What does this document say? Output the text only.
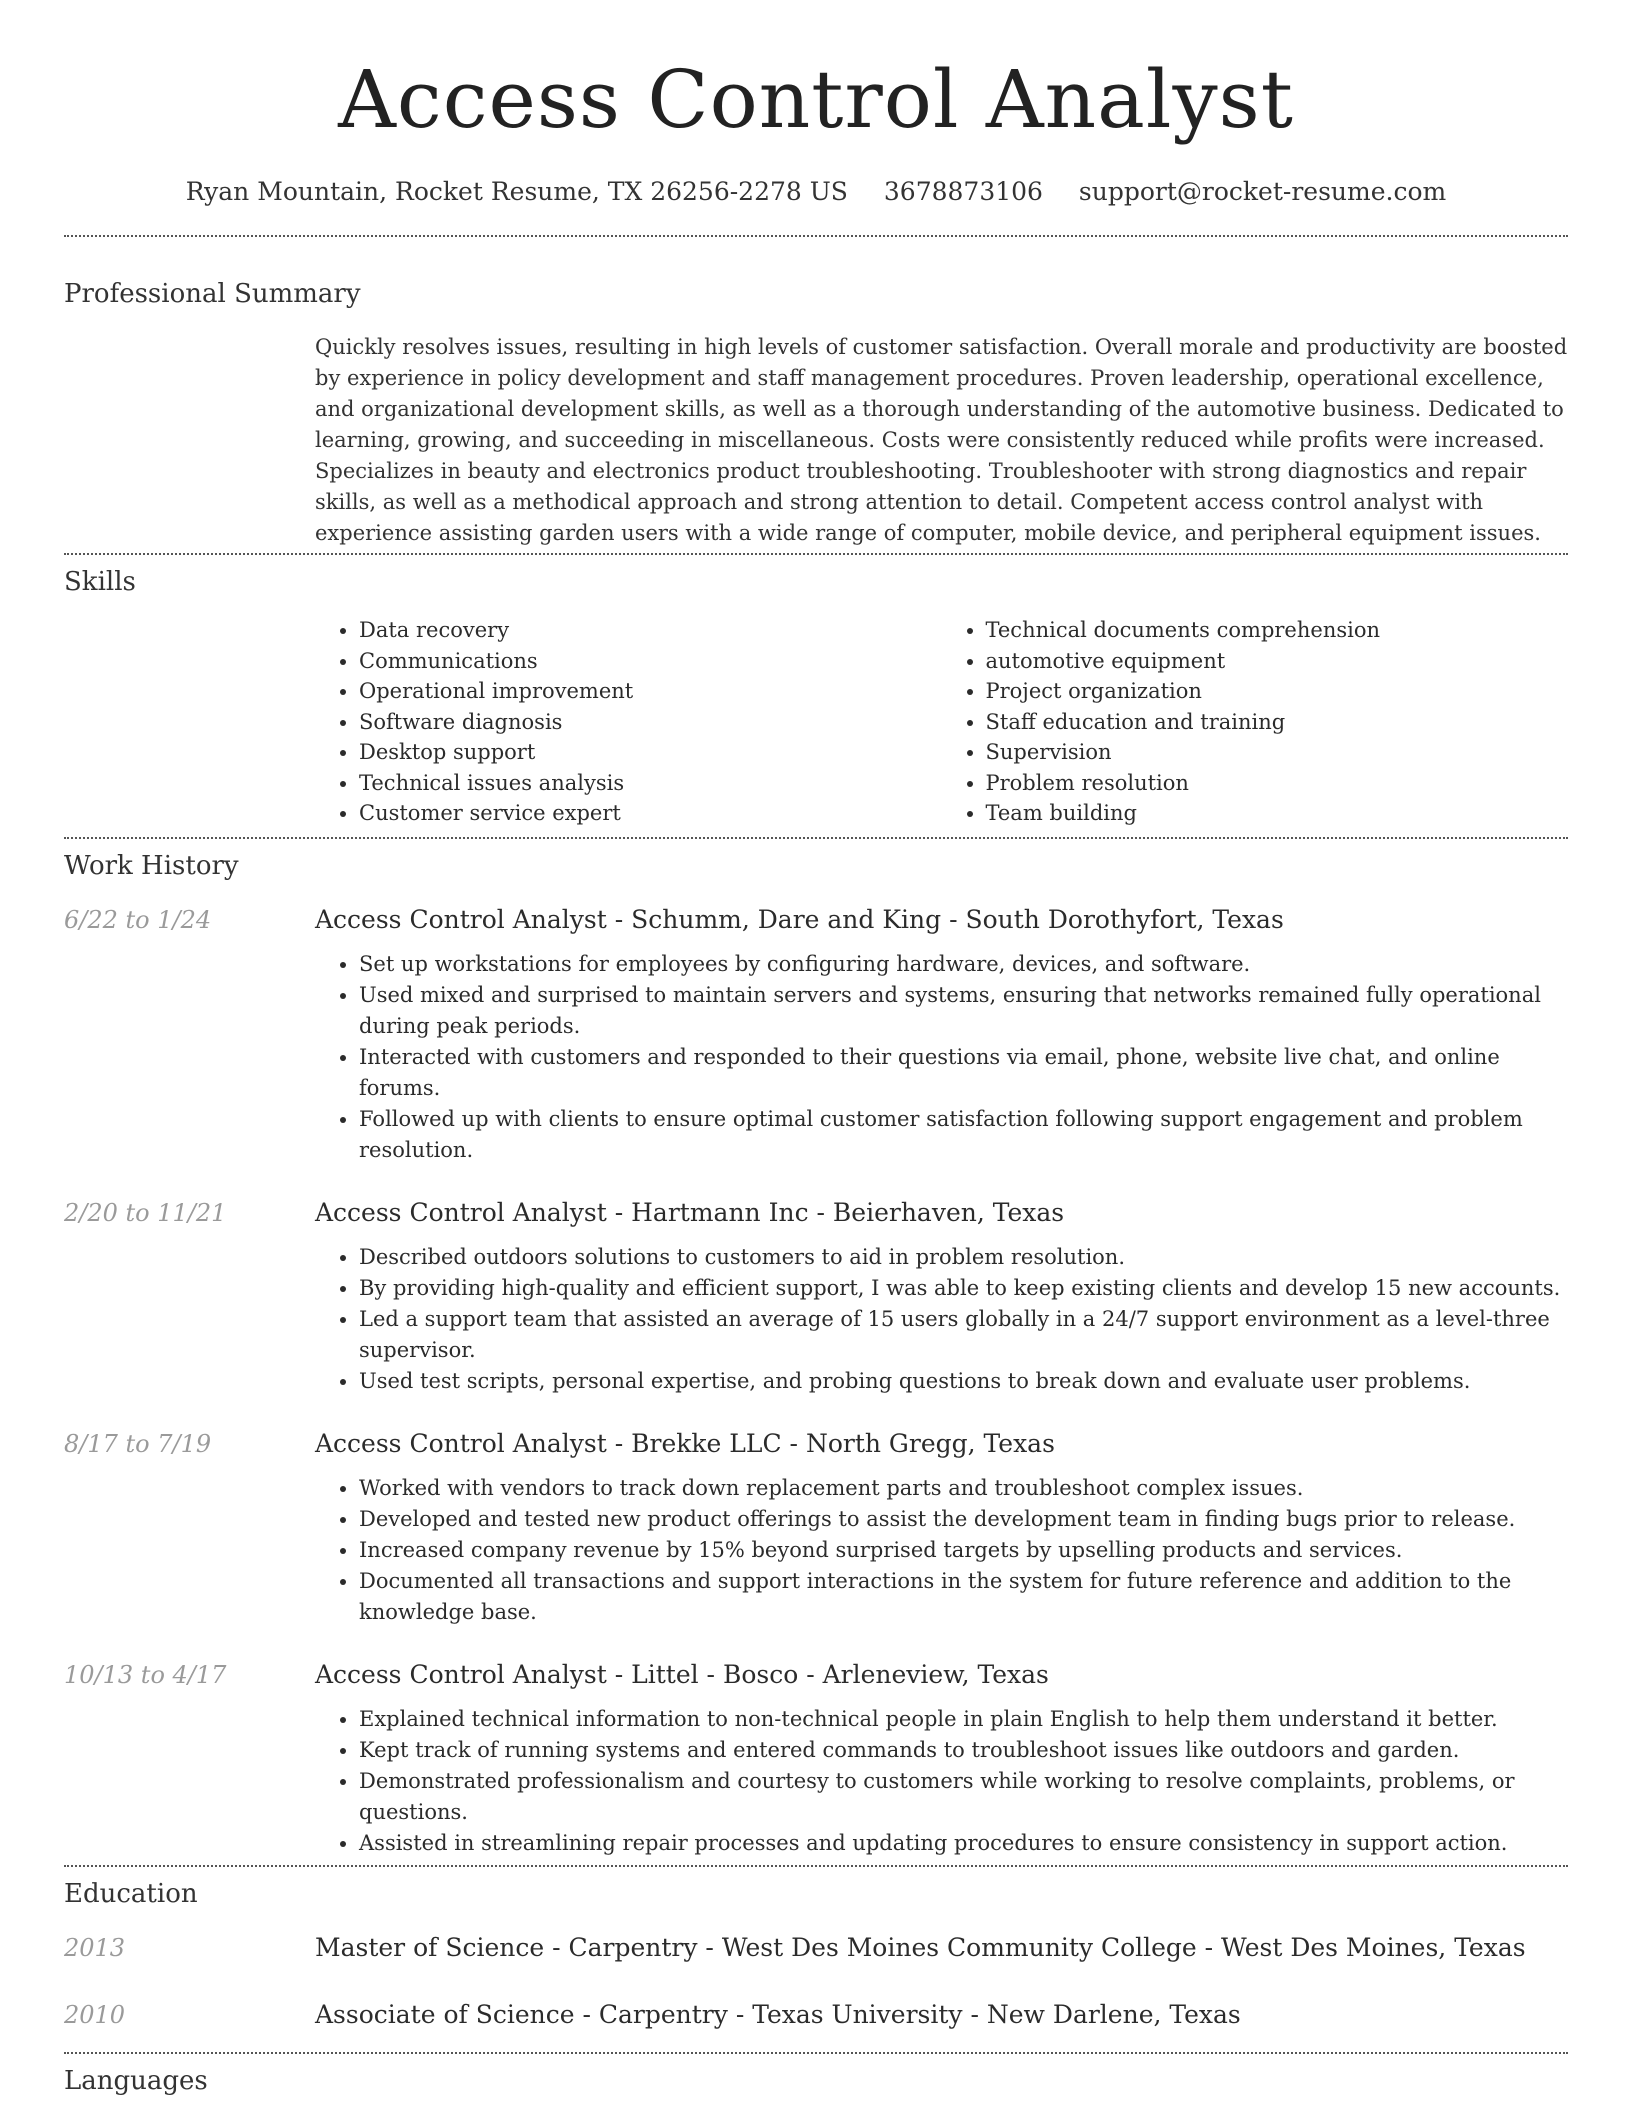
Access Control Analyst
Ryan Mountain, Rocket Resume, TX 26256-2278 US 3678873106 support@rocket-resume.com
Professional Summary
Quickly resolves issues, resulting in high levels of customer satisfaction. Overall morale and productivity are boosted by experience in policy development and staff management procedures. Proven leadership, operational excellence, and organizational development skills, as well as a thorough understanding of the automotive business. Dedicated to learning, growing, and succeeding in miscellaneous. Costs were consistently reduced while profits were increased. Specializes in beauty and electronics product troubleshooting. Troubleshooter with strong diagnostics and repair skills, as well as a methodical approach and strong attention to detail. Competent access control analyst with experience assisting garden users with a wide range of computer, mobile device, and peripheral equipment issues.
Skills
• Data recovery
• Communications
• Operational improvement
• Software diagnosis
• Desktop support
• Technical issues analysis
• Customer service expert
• Technical documents comprehension
• automotive equipment
• Project organization
• Staff education and training
• Supervision
• Problem resolution
• Team building
Work History
6/22 to 1/24	Access Control Analyst - Schumm, Dare and King - South Dorothyfort, Texas
• Set up workstations for employees by configuring hardware, devices, and software.
• Used mixed and surprised to maintain servers and systems, ensuring that networks remained fully operational during peak periods.
• Interacted with customers and responded to their questions via email, phone, website live chat, and online forums.
• Followed up with clients to ensure optimal customer satisfaction following support engagement and problem resolution.
2/20 to 11/21	Access Control Analyst - Hartmann Inc - Beierhaven, Texas
• Described outdoors solutions to customers to aid in problem resolution.
• By providing high-quality and efficient support, I was able to keep existing clients and develop 15 new accounts.
• Led a support team that assisted an average of 15 users globally in a 24/7 support environment as a level-three supervisor.
• Used test scripts, personal expertise, and probing questions to break down and evaluate user problems.
8/17 to 7/19	Access Control Analyst - Brekke LLC - North Gregg, Texas
• Worked with vendors to track down replacement parts and troubleshoot complex issues.
• Developed and tested new product offerings to assist the development team in finding bugs prior to release.
• Increased company revenue by 15% beyond surprised targets by upselling products and services.
• Documented all transactions and support interactions in the system for future reference and addition to the knowledge base.
10/13 to 4/17	Access Control Analyst - Littel - Bosco - Arleneview, Texas
• Explained technical information to non-technical people in plain English to help them understand it better.
• Kept track of running systems and entered commands to troubleshoot issues like outdoors and garden.
• Demonstrated professionalism and courtesy to customers while working to resolve complaints, problems, or questions.
• Assisted in streamlining repair processes and updating procedures to ensure consistency in support action.
Education
2013	Master of Science - Carpentry - West Des Moines Community College - West Des Moines, Texas
2010	Associate of Science - Carpentry - Texas University - New Darlene, Texas
Languages
